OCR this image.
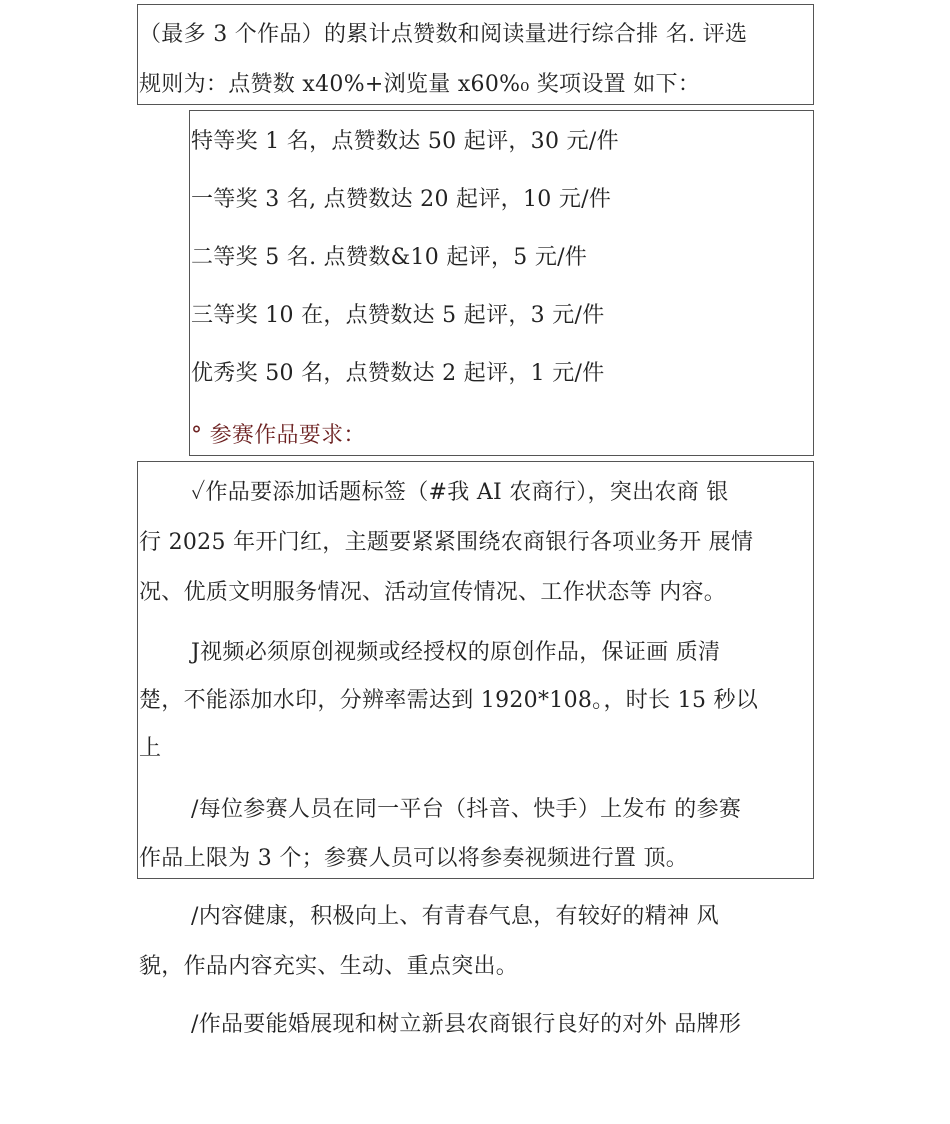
（最多 3 个作品）的累计点赞数和阅读量进行综合排 名. 评选
规则为：点赞数 x40%+浏览量 x60%₀ 奖项设置 如下：
特等奖 1 名，点赞数达 50 起评，30 元/件
一等奖 3 名, 点赞数达 20 起评，10 元/件
二等奖 5 名. 点赞数&10 起评，5 元/件
三等奖 10 在，点赞数达 5 起评，3 元/件
优秀奖 50 名，点赞数达 2 起评，1 元/件
° 参赛作品要求：
✓作品要添加话题标签（#我 AI 农商行），突出农商 银
行 2025 年开门红，主题要紧紧围绕农商银行各项业务开 展情
况、优质文明服务情况、活动宣传情况、工作状态等 内容。
J视频必须原创视频或经授权的原创作品，保证画 质清
楚，不能添加水印，分辨率需达到 1920*108。，时长 15 秒以
上
/每位参赛人员在同一平台（抖音、快手）上发布 的参赛
作品上限为 3 个；参赛人员可以将参奏视频进行置 顶。
/内容健康，积极向上、有青春气息，有较好的精神 风
貌，作品内容充实、生动、重点突出。
/作品要能婚展现和树立新县农商银行良好的对外 品牌形
